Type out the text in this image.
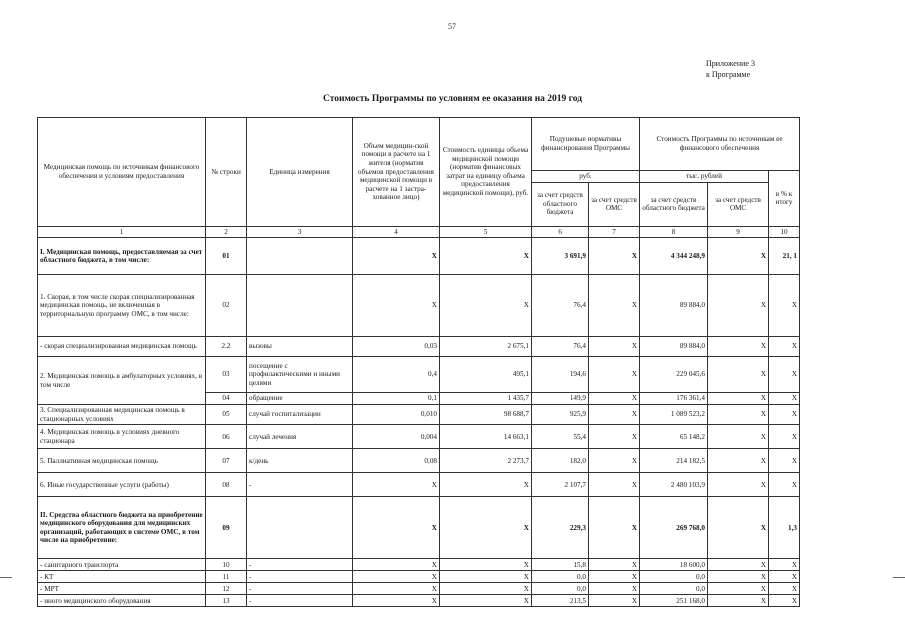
57
Приложение 3
к Программе
Стоимость Программы по условиям ее оказания на 2019 год
Медицинская помощь по источникам финансового обеспечения и условиям предоставления	№ строки	Единица измерения	Объем медицин-ской помощи в расчете на 1 жителя (норматив объемов предоставления медицинской помощи в расчете на 1 застра-хованное лицо)	Стоимость единицы объема медицинской помощи (норматив финансовых затрат на единицу объема предоставления медицинской помощи), руб.	Подушевые нормативы финансирования Программы		Стоимость Программы по источникам ее финансового обеспечения		
					руб.		тыс. рублей		в % к итогу
					за счет средств областного бюджета	за счет средств ОМС	за счет средств областного бюджета	за счет средств ОМС	
1	2	3	4	5	6	7	8	9	10
I. Медицинская помощь, предоставляемая за счет областного бюджета, в том числе:	01		X	X	3 691,9	X	4 344 248,9	X	21, 1
1. Скорая, в том числе скорая специализированная медицинская помощь, не включенная в территориальную программу ОМС, в том числе:	02		X	X	76,4	X	89 884,0	X	X
- скорая специализированная медицинская помощь	2.2	вызовы	0,03	2 675,1	76,4	X	89 884,0	X	X
2. Медицинская помощь в амбулаторных условиях, в том числе	03	посещение с профилактическими и иными целями	0,4	495,1	194,6	X	229 045,6	X	X
	04	обращение	0,1	1 435,7	149,9	X	176 361,4	X	X
3. Специализированная медицинская помощь в стационарных условиях	05	случай госпитализации	0,010	98 688,7	925,9	X	1 089 523,2	X	X
4. Медицинская помощь в условиях дневного стационара	06	случай лечения	0,004	14 663,1	55,4	X	65 148,2	X	X
5. Паллиативная медицинская помощь	07	к/день	0,08	2 273,7	182,0	X	214 182,5	X	X
6. Иные государственные услуги (работы)	08	-	X	X	2 107,7	X	2 480 103,9	X	X
II. Средства областного бюджета на приобретение медицинского оборудования для медицинских организаций, работающих в системе ОМС, в том числе на приобретение:	09		X	X	229,3	X	269 768,0	X	1,3
- санитарного транспорта	10	-	X	X	15,8	X	18 600,0	X	X
- КТ	11	-	X	X	0,0	X	0,0	X	X
- МРТ	12	-	X	X	0,0	X	0,0	X	X
- иного медицинского оборудования	13	-	X	X	213,5	X	251 168,0	X	X
